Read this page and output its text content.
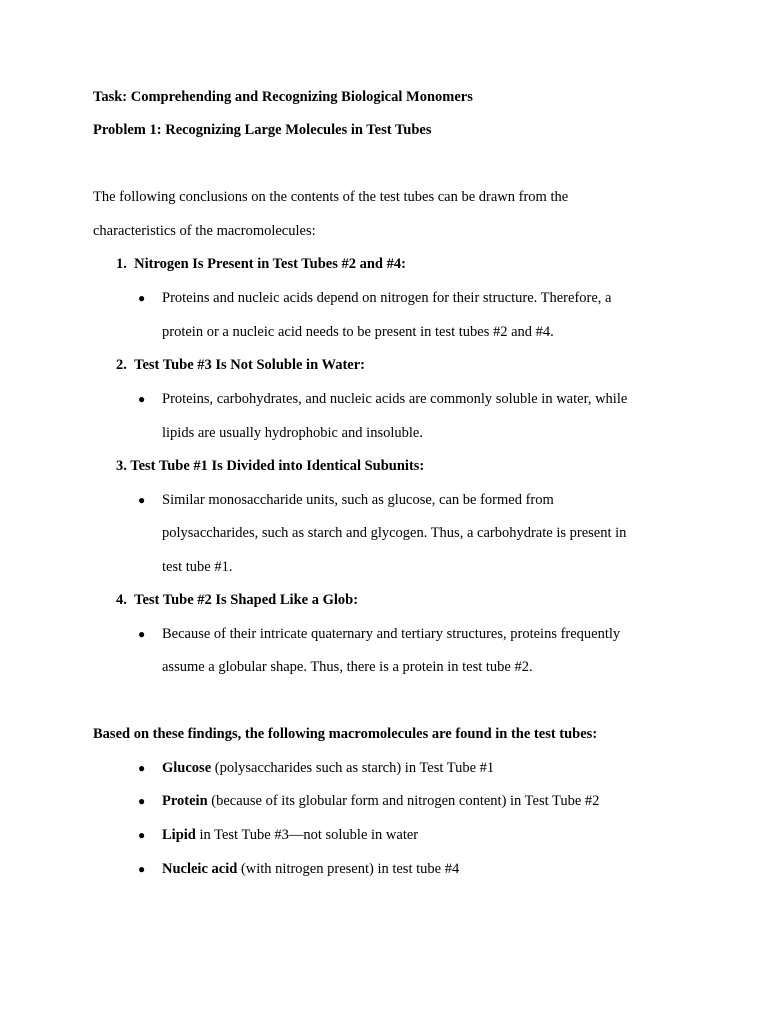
Task: Comprehending and Recognizing Biological Monomers
Problem 1: Recognizing Large Molecules in Test Tubes
The following conclusions on the contents of the test tubes can be drawn from the
characteristics of the macromolecules:
1. Nitrogen Is Present in Test Tubes #2 and #4:
● Proteins and nucleic acids depend on nitrogen for their structure. Therefore, a
protein or a nucleic acid needs to be present in test tubes #2 and #4.
2. Test Tube #3 Is Not Soluble in Water:
● Proteins, carbohydrates, and nucleic acids are commonly soluble in water, while
lipids are usually hydrophobic and insoluble.
3. Test Tube #1 Is Divided into Identical Subunits:
● Similar monosaccharide units, such as glucose, can be formed from
polysaccharides, such as starch and glycogen. Thus, a carbohydrate is present in
test tube #1.
4. Test Tube #2 Is Shaped Like a Glob:
● Because of their intricate quaternary and tertiary structures, proteins frequently
assume a globular shape. Thus, there is a protein in test tube #2.
Based on these findings, the following macromolecules are found in the test tubes:
● Glucose (polysaccharides such as starch) in Test Tube #1
● Protein (because of its globular form and nitrogen content) in Test Tube #2
● Lipid in Test Tube #3—not soluble in water
● Nucleic acid (with nitrogen present) in test tube #4
